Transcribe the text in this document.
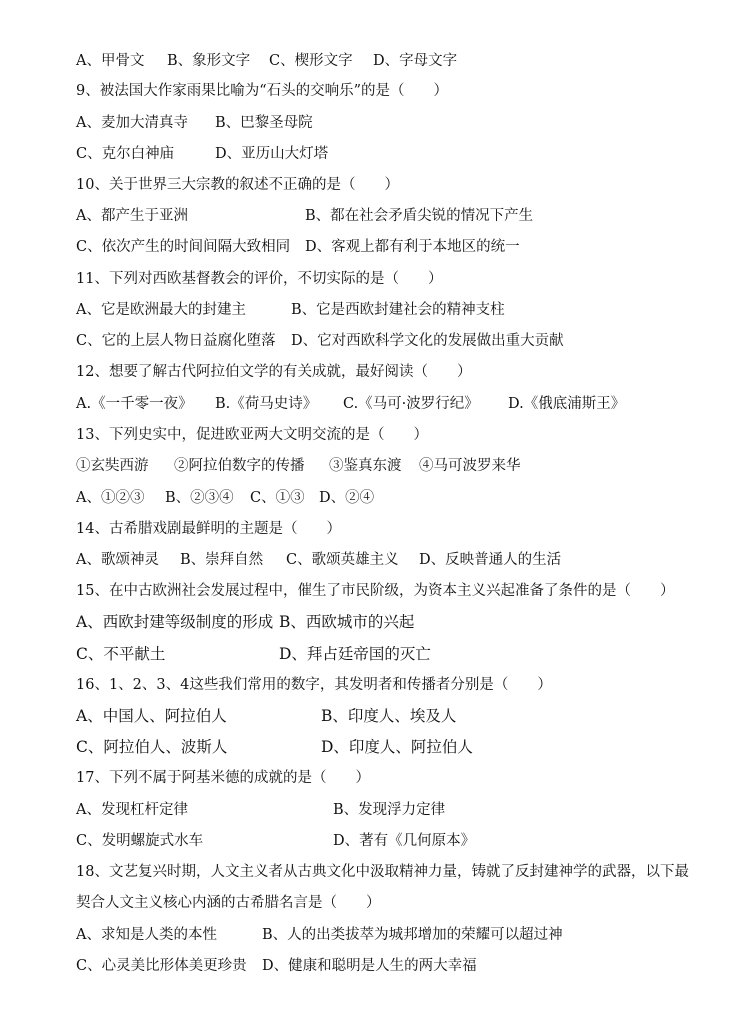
A、甲骨文 B、象形文字 C、楔形文字 D、字母文字
9、被法国大作家雨果比喻为“石头的交响乐”的是（　　）
A、麦加大清真寺 B、巴黎圣母院
C、克尔白神庙	D、亚历山大灯塔
10、关于世界三大宗教的叙述不正确的是（　　）
A、都产生于亚洲	B、都在社会矛盾尖锐的情况下产生
C、依次产生的时间间隔大致相同 D、客观上都有利于本地区的统一
11、下列对西欧基督教会的评价，不切实际的是（　　）
A、它是欧洲最大的封建主	B、它是西欧封建社会的精神支柱
C、它的上层人物日益腐化堕落 D、它对西欧科学文化的发展做出重大贡献
12、想要了解古代阿拉伯文学的有关成就，最好阅读（　　）
A.《一千零一夜》 B.《荷马史诗》 C.《马可·波罗行纪》 D.《俄底浦斯王》
13、下列史实中，促进欧亚两大文明交流的是（　　）
①玄奘西游 ②阿拉伯数字的传播 ③鉴真东渡 ④马可波罗来华
A、①②③ B、②③④ C、①③ D、②④
14、古希腊戏剧最鲜明的主题是（　　）
A、歌颂神灵 B、崇拜自然 C、歌颂英雄主义 D、反映普通人的生活
15、在中古欧洲社会发展过程中，催生了市民阶级，为资本主义兴起准备了条件的是（　　）
A、西欧封建等级制度的形成 B、西欧城市的兴起
C、不平献土	D、拜占廷帝国的灭亡
16、1、2、3、4这些我们常用的数字，其发明者和传播者分别是（　　）
A、中国人、阿拉伯人	B、印度人、埃及人
C、阿拉伯人、波斯人	D、印度人、阿拉伯人
17、下列不属于阿基米德的成就的是（　　）
A、发现杠杆定律	B、发现浮力定律
C、发明螺旋式水车	D、著有《几何原本》
18、文艺复兴时期，人文主义者从古典文化中汲取精神力量，铸就了反封建神学的武器，以下最
契合人文主义核心内涵的古希腊名言是（　　）
A、求知是人类的本性	B、人的出类拔萃为城邦增加的荣耀可以超过神
C、心灵美比形体美更珍贵 D、健康和聪明是人生的两大幸福
